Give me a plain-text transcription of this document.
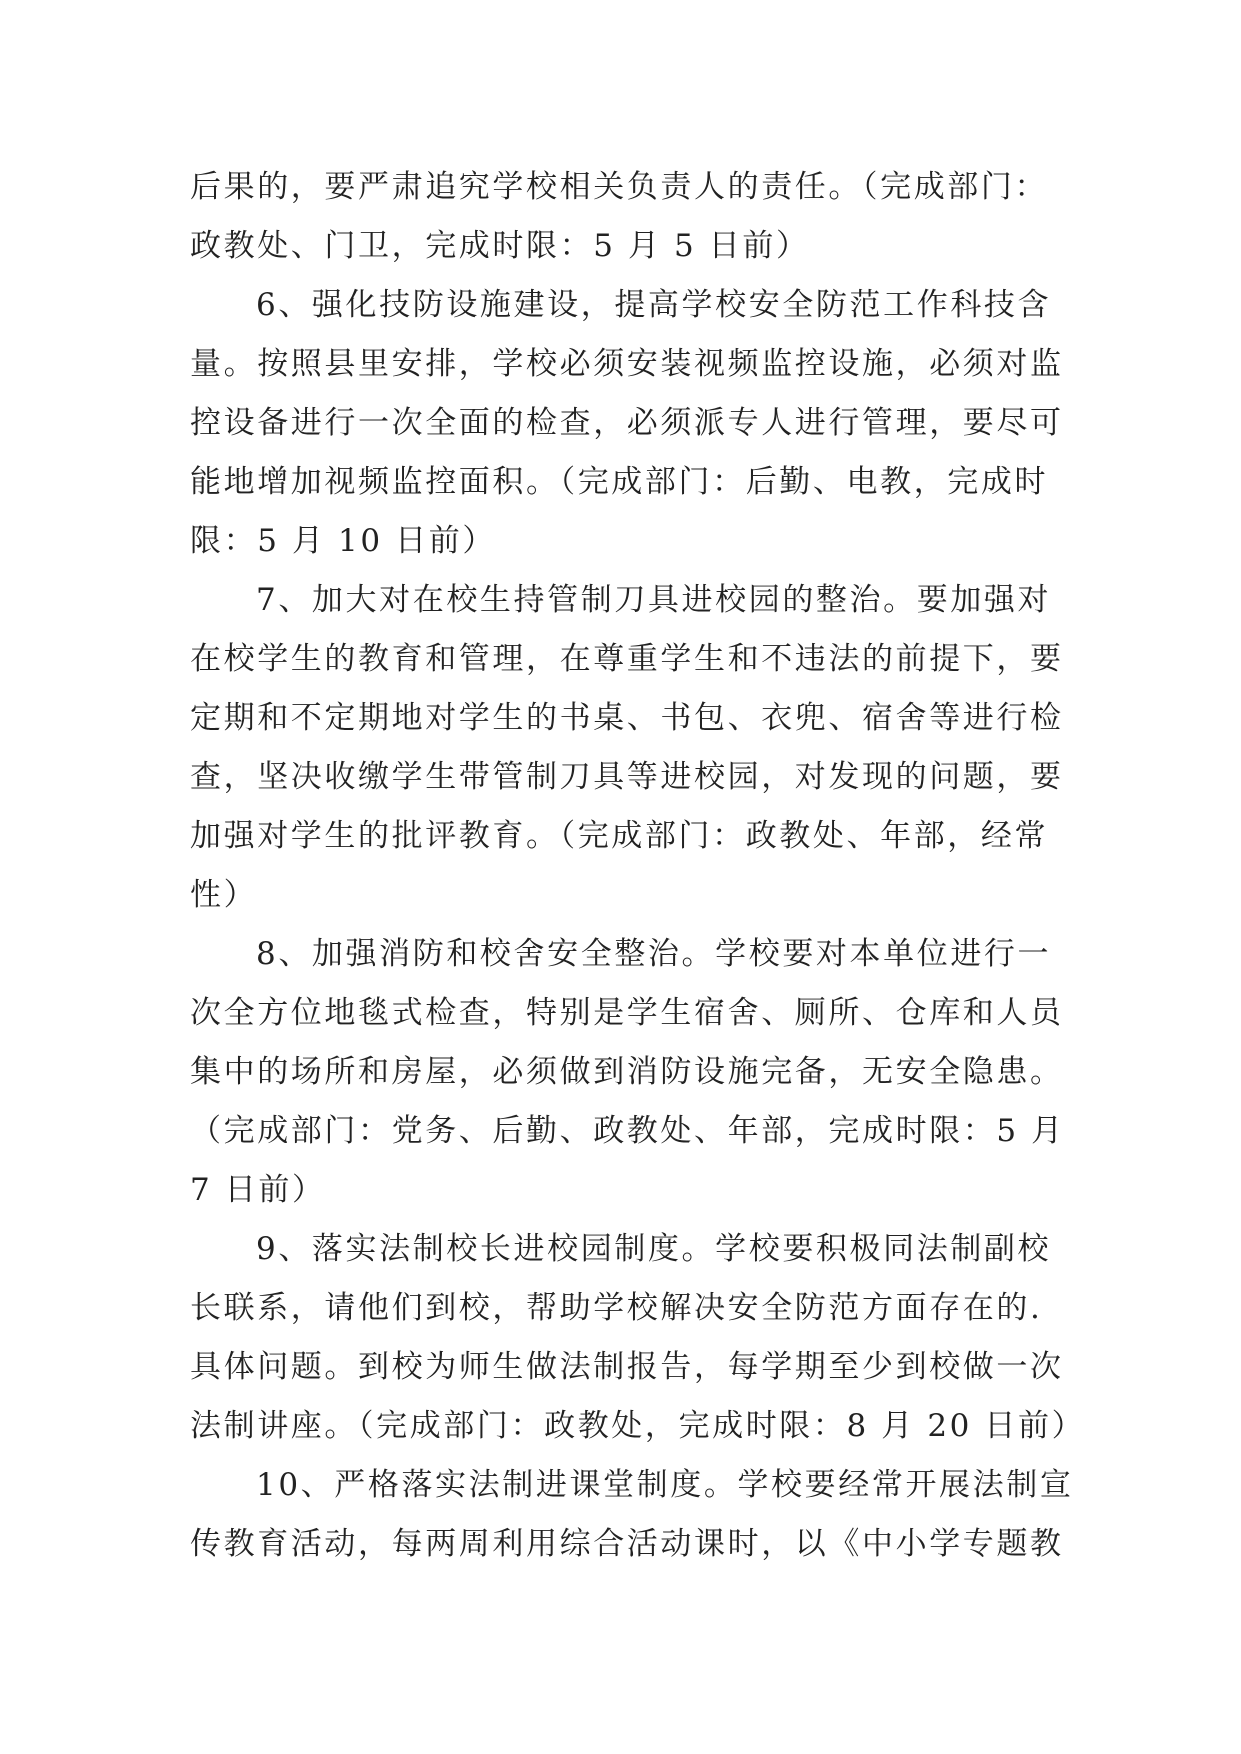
后果的，要严肃追究学校相关负责人的责任。（完成部门：
政教处、门卫，完成时限：5 月 5 日前）
6、强化技防设施建设，提高学校安全防范工作科技含
量。按照县里安排，学校必须安装视频监控设施，必须对监
控设备进行一次全面的检查，必须派专人进行管理，要尽可
能地增加视频监控面积。（完成部门：后勤、电教，完成时
限：5 月 10 日前）
7、加大对在校生持管制刀具进校园的整治。要加强对
在校学生的教育和管理，在尊重学生和不违法的前提下，要
定期和不定期地对学生的书桌、书包、衣兜、宿舍等进行检
查，坚决收缴学生带管制刀具等进校园，对发现的问题，要
加强对学生的批评教育。（完成部门：政教处、年部，经常
性）
8、加强消防和校舍安全整治。学校要对本单位进行一
次全方位地毯式检查，特别是学生宿舍、厕所、仓库和人员
集中的场所和房屋，必须做到消防设施完备，无安全隐患。
（完成部门：党务、后勤、政教处、年部，完成时限：5 月
7 日前）
9、落实法制校长进校园制度。学校要积极同法制副校
长联系，请他们到校，帮助学校解决安全防范方面存在的.
具体问题。到校为师生做法制报告，每学期至少到校做一次
法制讲座。（完成部门：政教处，完成时限：8 月 20 日前）
10、严格落实法制进课堂制度。学校要经常开展法制宣
传教育活动，每两周利用综合活动课时，以《中小学专题教
